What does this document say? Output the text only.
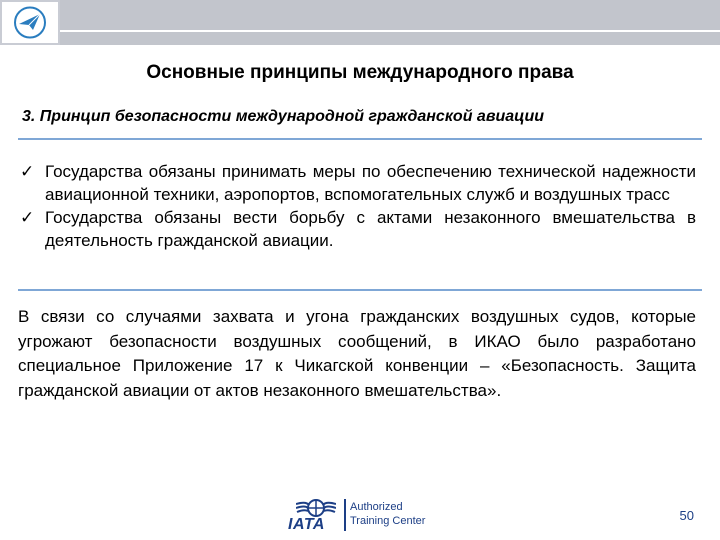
Основные принципы международного права
3. Принцип безопасности международной гражданской авиации
✓ Государства обязаны принимать меры по обеспечению технической надежности авиационной техники, аэропортов, вспомогательных служб и воздушных трасс
✓ Государства обязаны вести борьбу с актами незаконного вмешательства в деятельность гражданской авиации.

В связи со случаями захвата и угона гражданских воздушных судов, которые угрожают безопасности воздушных сообщений, в ИКАО было разработано специальное Приложение 17 к Чикагской конвенции – «Безопасность. Защита гражданской авиации от актов незаконного вмешательства».

IATA
Authorized
Training Center	50
